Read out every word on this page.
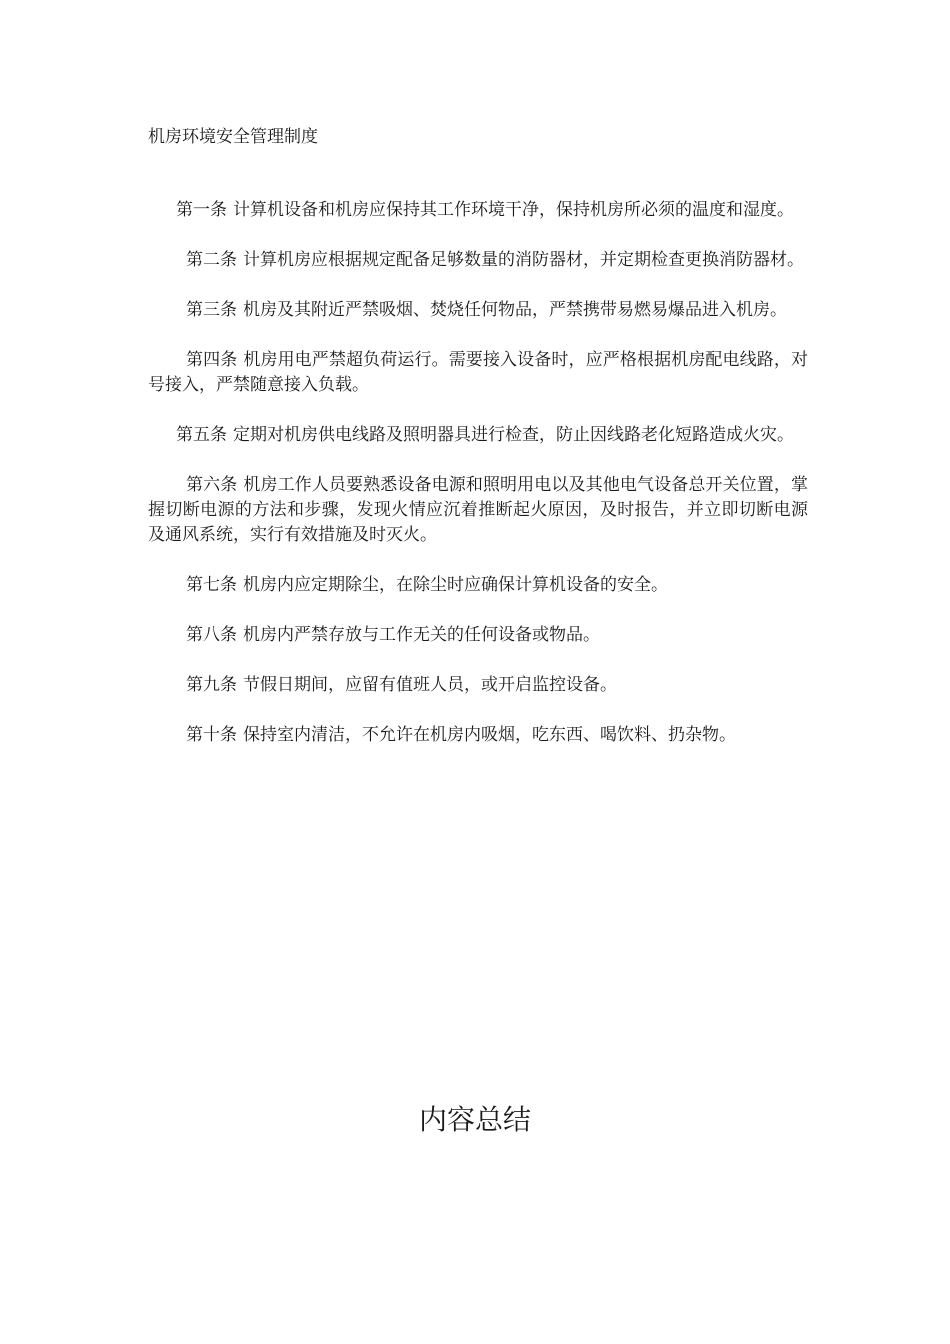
机房环境安全管理制度

第一条 计算机设备和机房应保持其工作环境干净，保持机房所必须的温度和湿度。

第二条 计算机房应根据规定配备足够数量的消防器材，并定期检查更换消防器材。

第三条 机房及其附近严禁吸烟、焚烧任何物品，严禁携带易燃易爆品进入机房。

第四条 机房用电严禁超负荷运行。需要接入设备时，应严格根据机房配电线路，对号接入，严禁随意接入负载。

第五条 定期对机房供电线路及照明器具进行检查，防止因线路老化短路造成火灾。

第六条 机房工作人员要熟悉设备电源和照明用电以及其他电气设备总开关位置，掌握切断电源的方法和步骤，发现火情应沉着推断起火原因，及时报告，并立即切断电源及通风系统，实行有效措施及时灭火。

第七条 机房内应定期除尘，在除尘时应确保计算机设备的安全。

第八条 机房内严禁存放与工作无关的任何设备或物品。

第九条 节假日期间，应留有值班人员，或开启监控设备。

第十条 保持室内清洁，不允许在机房内吸烟，吃东西、喝饮料、扔杂物。

内容总结
